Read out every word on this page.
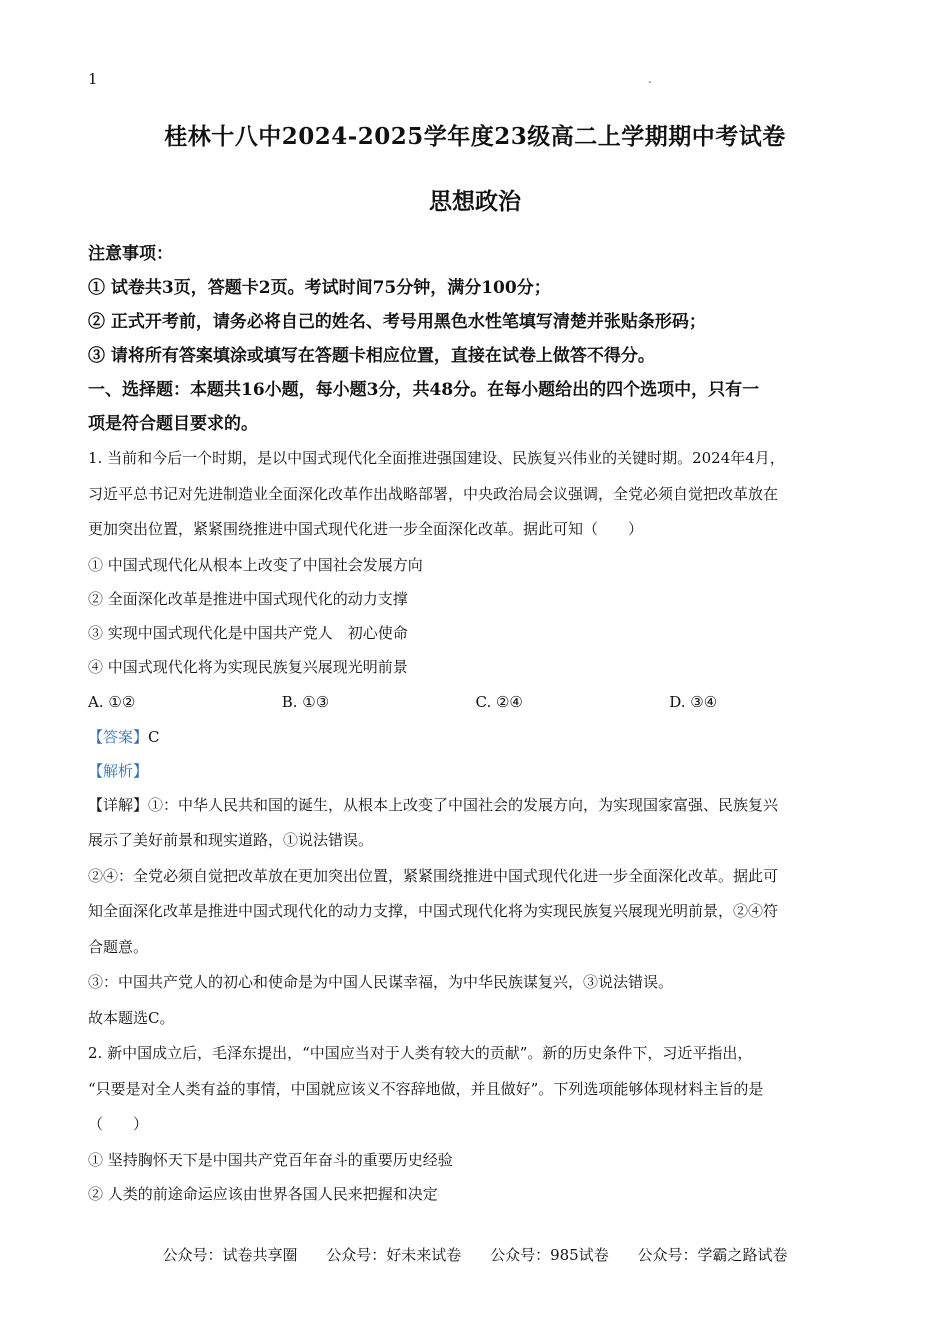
1	.
桂林十八中2024-2025学年度23级高二上学期期中考试卷
思想政治
注意事项：
① 试卷共3页，答题卡2页。考试时间75分钟，满分100分；
② 正式开考前，请务必将自己的姓名、考号用黑色水性笔填写清楚并张贴条形码；
③ 请将所有答案填涂或填写在答题卡相应位置，直接在试卷上做答不得分。
一、选择题：本题共16小题，每小题3分，共48分。在每小题给出的四个选项中，只有一
项是符合题目要求的。
1. 当前和今后一个时期，是以中国式现代化全面推进强国建设、民族复兴伟业的关键时期。2024年4月，
习近平总书记对先进制造业全面深化改革作出战略部署，中央政治局会议强调，全党必须自觉把改革放在
更加突出位置，紧紧围绕推进中国式现代化进一步全面深化改革。据此可知（　　）
① 中国式现代化从根本上改变了中国社会发展方向
② 全面深化改革是推进中国式现代化的动力支撑
③ 实现中国式现代化是中国共产党人　初心使命
④ 中国式现代化将为实现民族复兴展现光明前景
A. ①②	B. ①③	C. ②④	D. ③④
【答案】C
【解析】
【详解】①：中华人民共和国的诞生，从根本上改变了中国社会的发展方向，为实现国家富强、民族复兴
展示了美好前景和现实道路，①说法错误。
②④：全党必须自觉把改革放在更加突出位置，紧紧围绕推进中国式现代化进一步全面深化改革。据此可
知全面深化改革是推进中国式现代化的动力支撑，中国式现代化将为实现民族复兴展现光明前景，②④符
合题意。
③：中国共产党人的初心和使命是为中国人民谋幸福，为中华民族谋复兴，③说法错误。
故本题选C。
2. 新中国成立后，毛泽东提出，“中国应当对于人类有较大的贡献”。新的历史条件下，习近平指出，
“只要是对全人类有益的事情，中国就应该义不容辞地做，并且做好”。下列选项能够体现材料主旨的是
（　　）
① 坚持胸怀天下是中国共产党百年奋斗的重要历史经验
② 人类的前途命运应该由世界各国人民来把握和决定
公众号：试卷共享圈 公众号：好未来试卷 公众号：985试卷 公众号：学霸之路试卷
